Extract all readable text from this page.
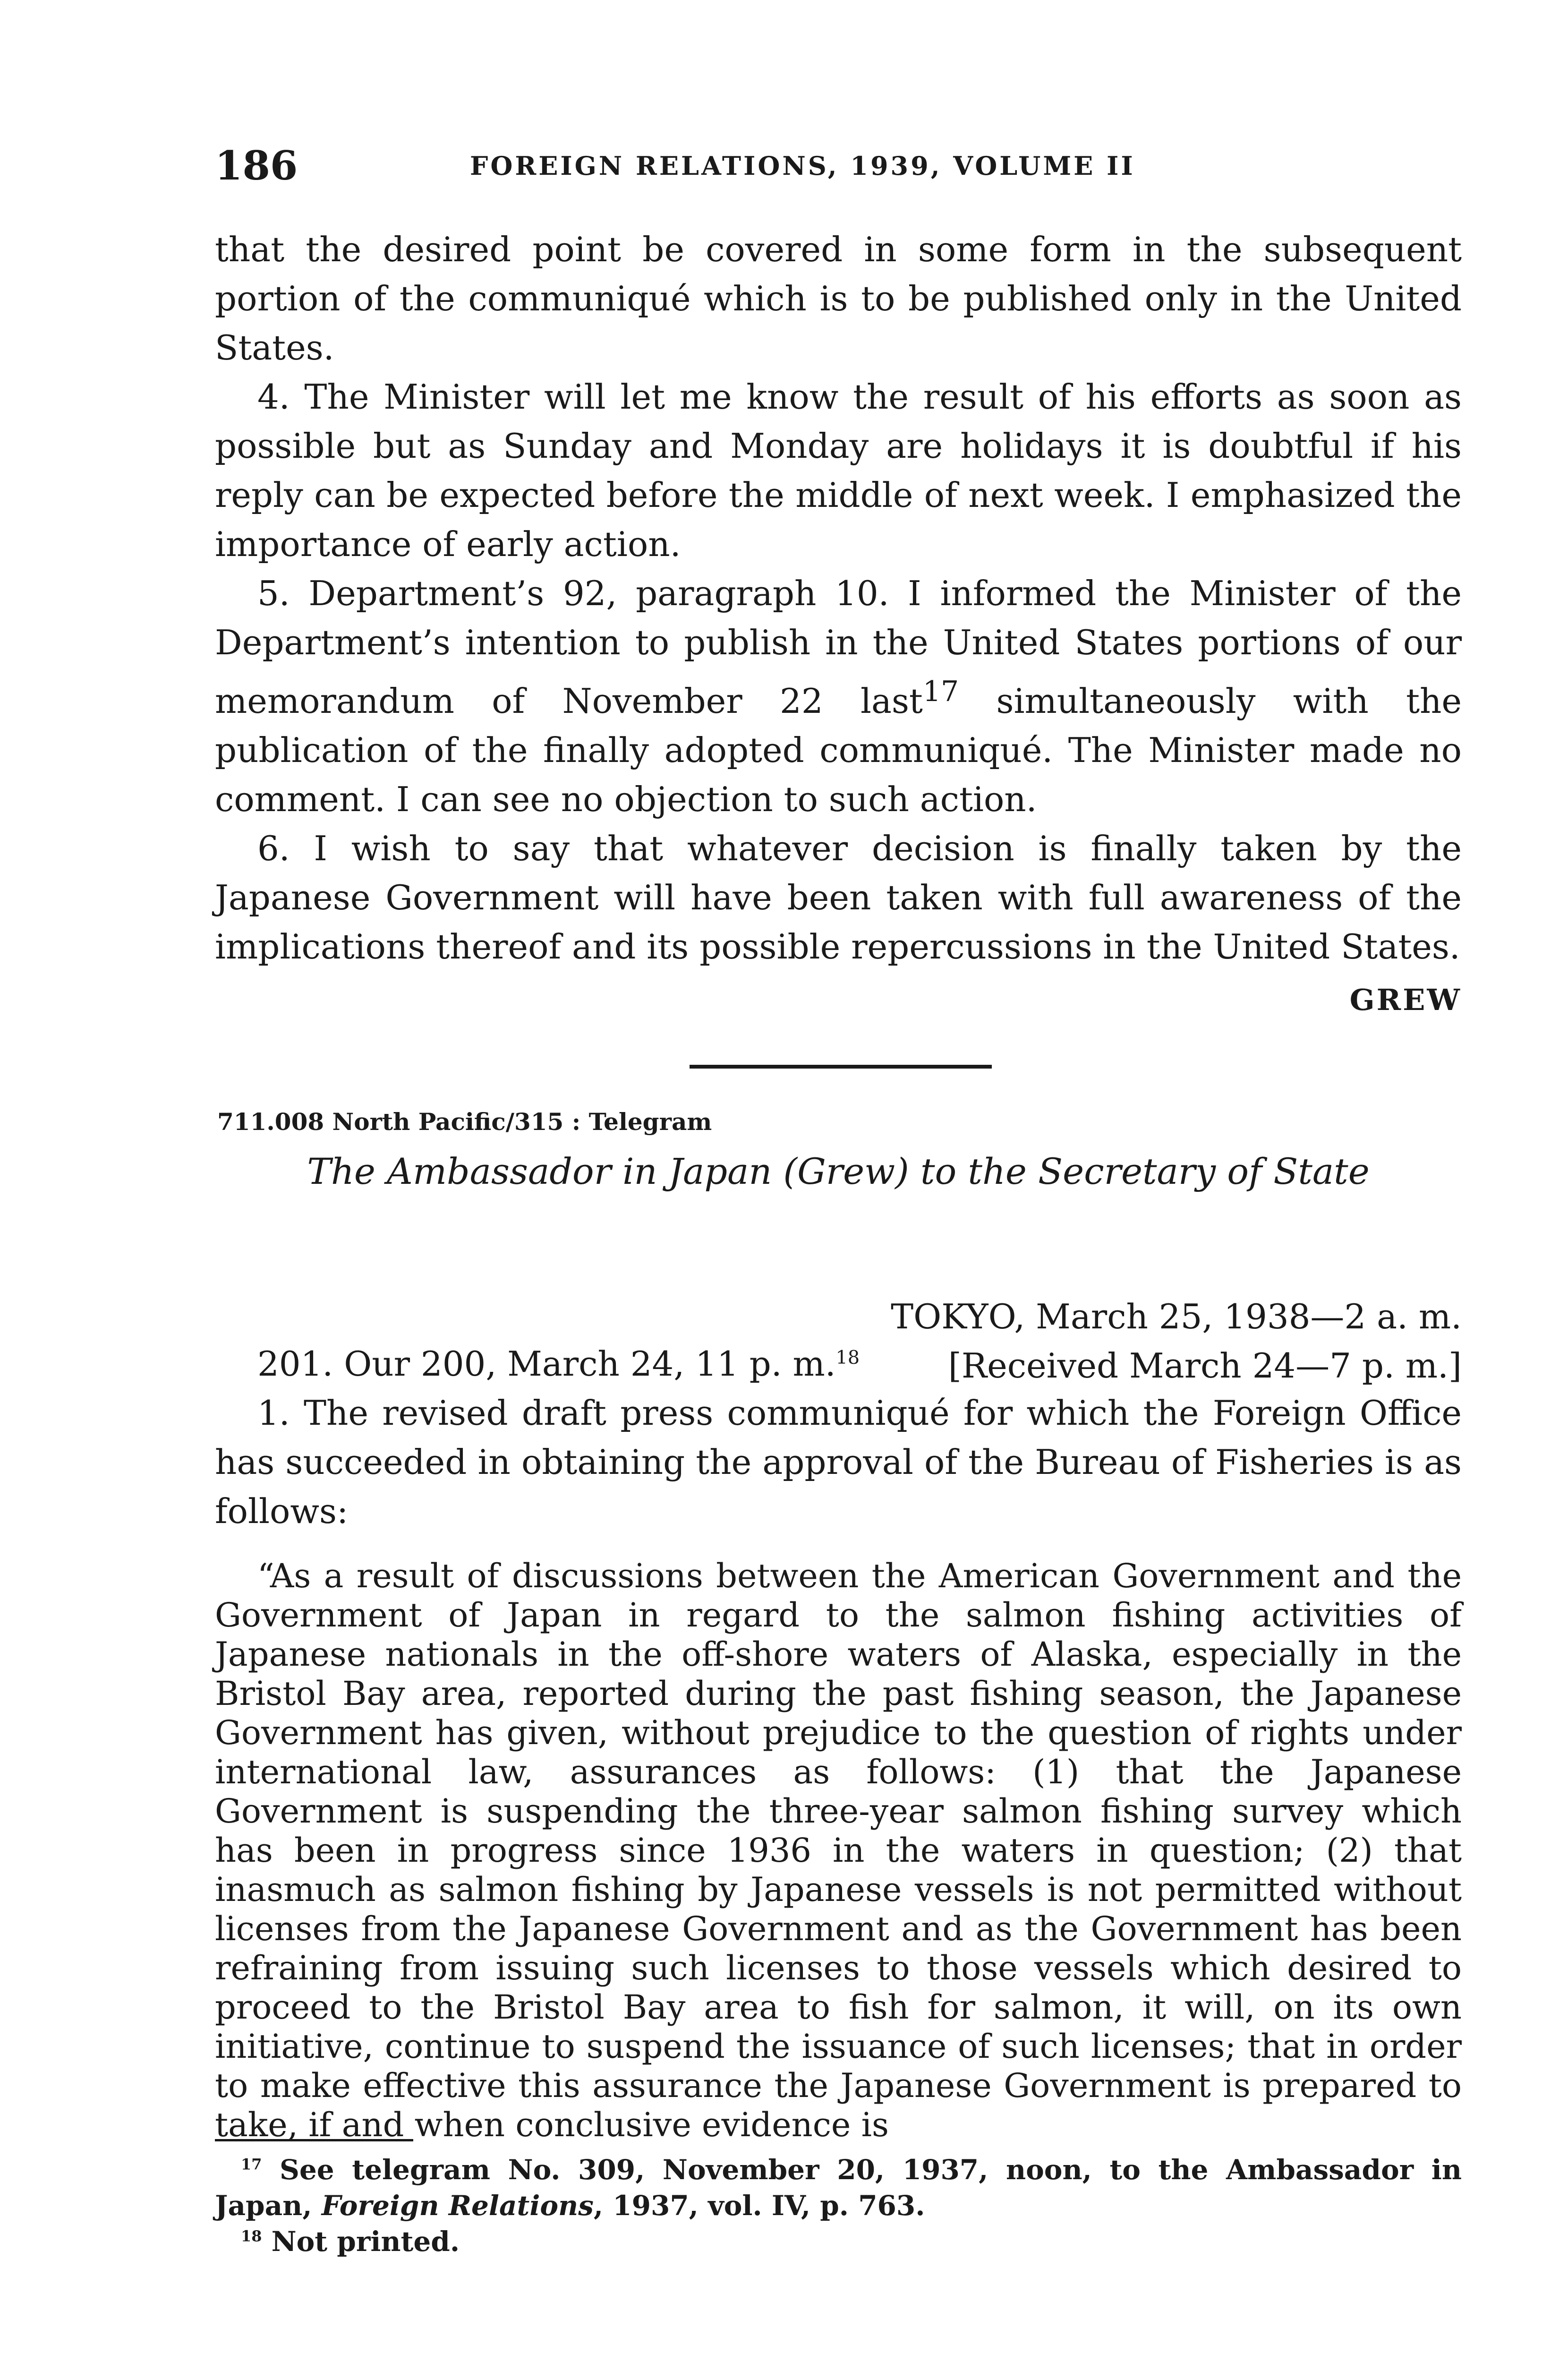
186	FOREIGN RELATIONS, 1939, VOLUME II

that the desired point be covered in some form in the subsequent portion of the communiqué which is to be published only in the United States.

4. The Minister will let me know the result of his efforts as soon as possible but as Sunday and Monday are holidays it is doubtful if his reply can be expected before the middle of next week. I emphasized the importance of early action.

5. Department’s 92, paragraph 10. I informed the Minister of the Department’s intention to publish in the United States portions of our memorandum of November 22 last$^{17}$ simultaneously with the publication of the finally adopted communiqué. The Minister made no comment. I can see no objection to such action.

6. I wish to say that whatever decision is finally taken by the Japanese Government will have been taken with full awareness of the implications thereof and its possible repercussions in the United States.

GREW
711.008 North Pacific/315 : Telegram
The Ambassador in Japan (Grew) to the Secretary of State
TOKYO, March 25, 1938—2 a. m.
[Received March 24—7 p. m.]

201. Our 200, March 24, 11 p. m.$^{18}$

1. The revised draft press communiqué for which the Foreign Office has succeeded in obtaining the approval of the Bureau of Fisheries is as follows:

“As a result of discussions between the American Government and the Government of Japan in regard to the salmon fishing activities of Japanese nationals in the off-shore waters of Alaska, especially in the Bristol Bay area, reported during the past fishing season, the Japanese Government has given, without prejudice to the question of rights under international law, assurances as follows: (1) that the Japanese Government is suspending the three-year salmon fishing survey which has been in progress since 1936 in the waters in question; (2) that inasmuch as salmon fishing by Japanese vessels is not permitted without licenses from the Japanese Government and as the Government has been refraining from issuing such licenses to those vessels which desired to proceed to the Bristol Bay area to fish for salmon, it will, on its own initiative, continue to suspend the issuance of such licenses; that in order to make effective this assurance the Japanese Government is prepared to take, if and when conclusive evidence is

$^{17}$ See telegram No. 309, November 20, 1937, noon, to the Ambassador in Japan, Foreign Relations, 1937, vol. IV, p. 763.

$^{18}$ Not printed.
